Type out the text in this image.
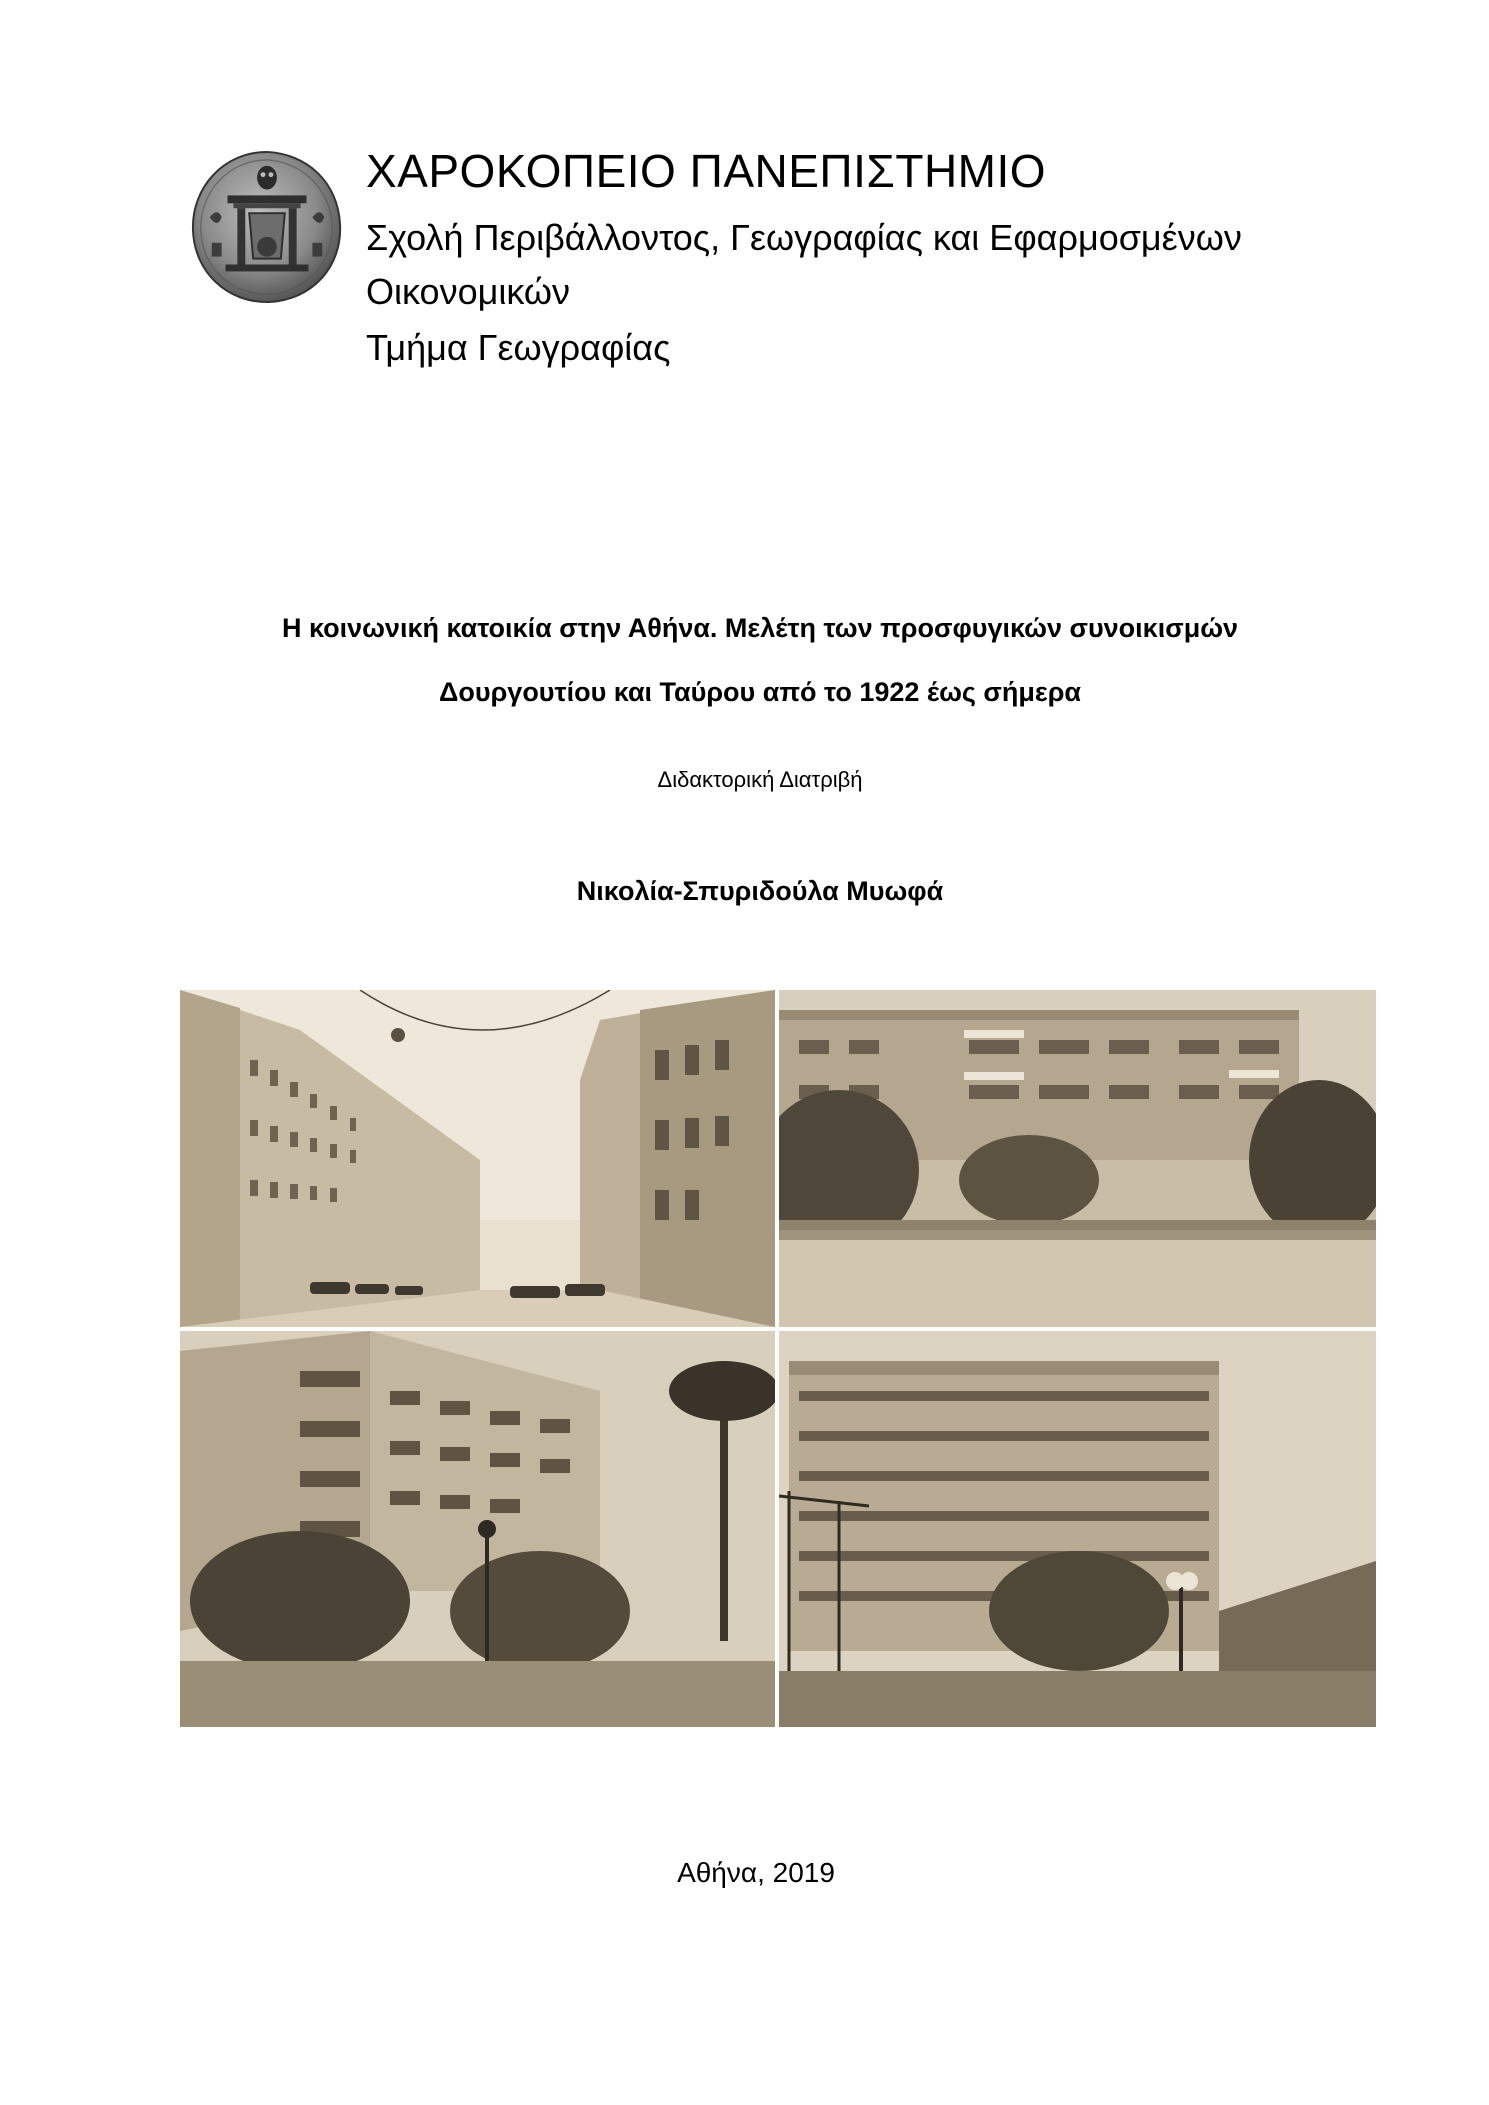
ΧΑΡΟΚΟΠΕΙΟ ΠΑΝΕΠΙΣΤΗΜΙΟ
Σχολή Περιβάλλοντος, Γεωγραφίας και Εφαρμοσμένων
Οικονομικών
Τμήμα Γεωγραφίας
Η κοινωνική κατοικία στην Αθήνα. Μελέτη των προσφυγικών συνοικισμών
Δουργουτίου και Ταύρου από το 1922 έως σήμερα
Διδακτορική Διατριβή
Νικολία-Σπυριδούλα Μυωφά
Αθήνα, 2019
